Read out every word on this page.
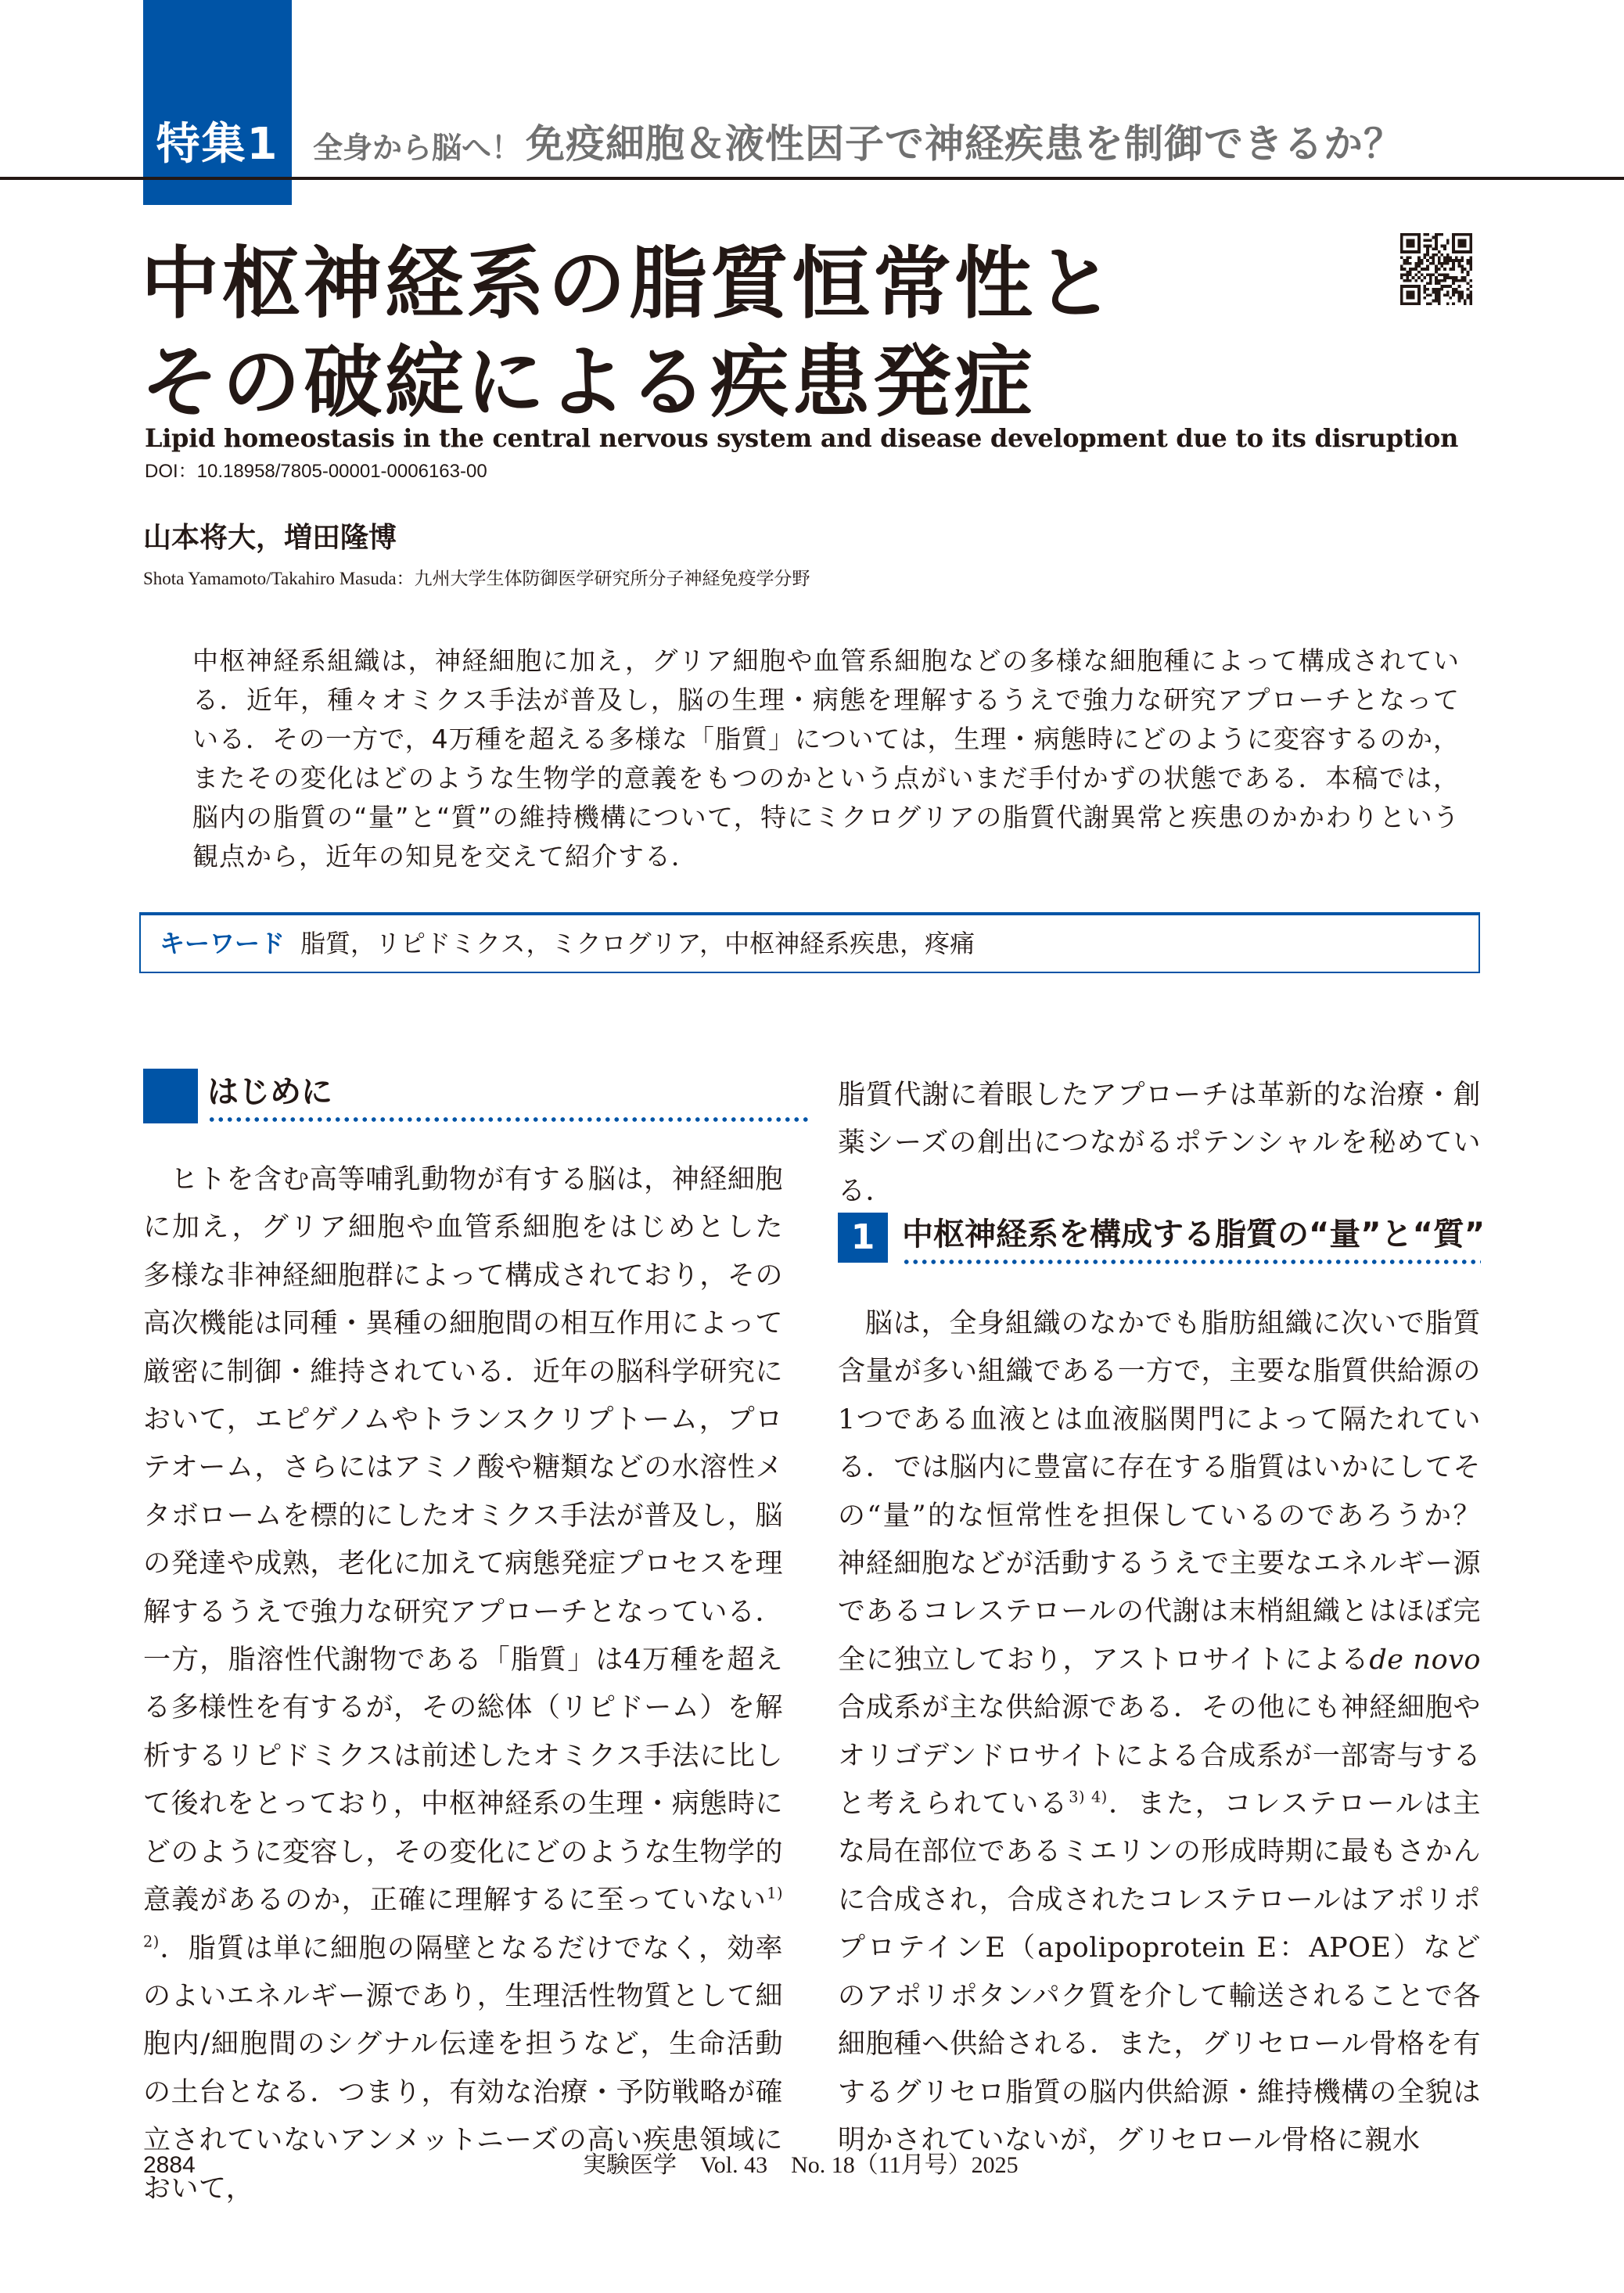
特集1	全身から脳へ！ 免疫細胞＆液性因子で神経疾患を制御できるか？
中枢神経系の脂質恒常性と
その破綻による疾患発症
Lipid homeostasis in the central nervous system and disease development due to its disruption
DOI：10.18958/7805-00001-0006163-00
山本将大，増田隆博
Shota Yamamoto/Takahiro Masuda：九州大学生体防御医学研究所分子神経免疫学分野
中枢神経系組織は，神経細胞に加え，グリア細胞や血管系細胞などの多様な細胞種によって構成されている．近年，種々オミクス手法が普及し，脳の生理・病態を理解するうえで強力な研究アプローチとなっている．その一方で，4万種を超える多様な「脂質」については，生理・病態時にどのように変容するのか，またその変化はどのような生物学的意義をもつのかという点がいまだ手付かずの状態である．本稿では，脳内の脂質の“量”と“質”の維持機構について，特にミクログリアの脂質代謝異常と疾患のかかわりという観点から，近年の知見を交えて紹介する．
キーワード 脂質，リピドミクス，ミクログリア，中枢神経系疾患，疼痛
はじめに

ヒトを含む高等哺乳動物が有する脳は，神経細胞に加え，グリア細胞や血管系細胞をはじめとした多様な非神経細胞群によって構成されており，その高次機能は同種・異種の細胞間の相互作用によって厳密に制御・維持されている．近年の脳科学研究において，エピゲノムやトランスクリプトーム，プロテオーム，さらにはアミノ酸や糖類などの水溶性メタボロームを標的にしたオミクス手法が普及し，脳の発達や成熟，老化に加えて病態発症プロセスを理解するうえで強力な研究アプローチとなっている．一方，脂溶性代謝物である「脂質」は4万種を超える多様性を有するが，その総体（リピドーム）を解析するリピドミクスは前述したオミクス手法に比して後れをとっており，中枢神経系の生理・病態時にどのように変容し，その変化にどのような生物学的意義があるのか，正確に理解するに至っていない$^{1) 2)}$．脂質は単に細胞の隔壁となるだけでなく，効率のよいエネルギー源であり，生理活性物質として細胞内/細胞間のシグナル伝達を担うなど，生命活動の土台となる．つまり，有効な治療・予防戦略が確立されていないアンメットニーズの高い疾患領域において，

脂質代謝に着眼したアプローチは革新的な治療・創薬シーズの創出につながるポテンシャルを秘めている．

1 中枢神経系を構成する脂質の“量”と“質”

脳は，全身組織のなかでも脂肪組織に次いで脂質含量が多い組織である一方で，主要な脂質供給源の1つである血液とは血液脳関門によって隔たれている．では脳内に豊富に存在する脂質はいかにしてその“量”的な恒常性を担保しているのであろうか？ 神経細胞などが活動するうえで主要なエネルギー源であるコレステロールの代謝は末梢組織とはほぼ完全に独立しており，アストロサイトによるde novo合成系が主な供給源である．その他にも神経細胞やオリゴデンドロサイトによる合成系が一部寄与すると考えられている$^{3) 4)}$．また，コレステロールは主な局在部位であるミエリンの形成時期に最もさかんに合成され，合成されたコレステロールはアポリポプロテインE（apolipoprotein E：APOE）などのアポリポタンパク質を介して輸送されることで各細胞種へ供給される．また，グリセロール骨格を有するグリセロ脂質の脳内供給源・維持機構の全貌は明かされていないが，グリセロール骨格に親水

2884	実験医学　Vol. 43　No. 18（11月号）2025
